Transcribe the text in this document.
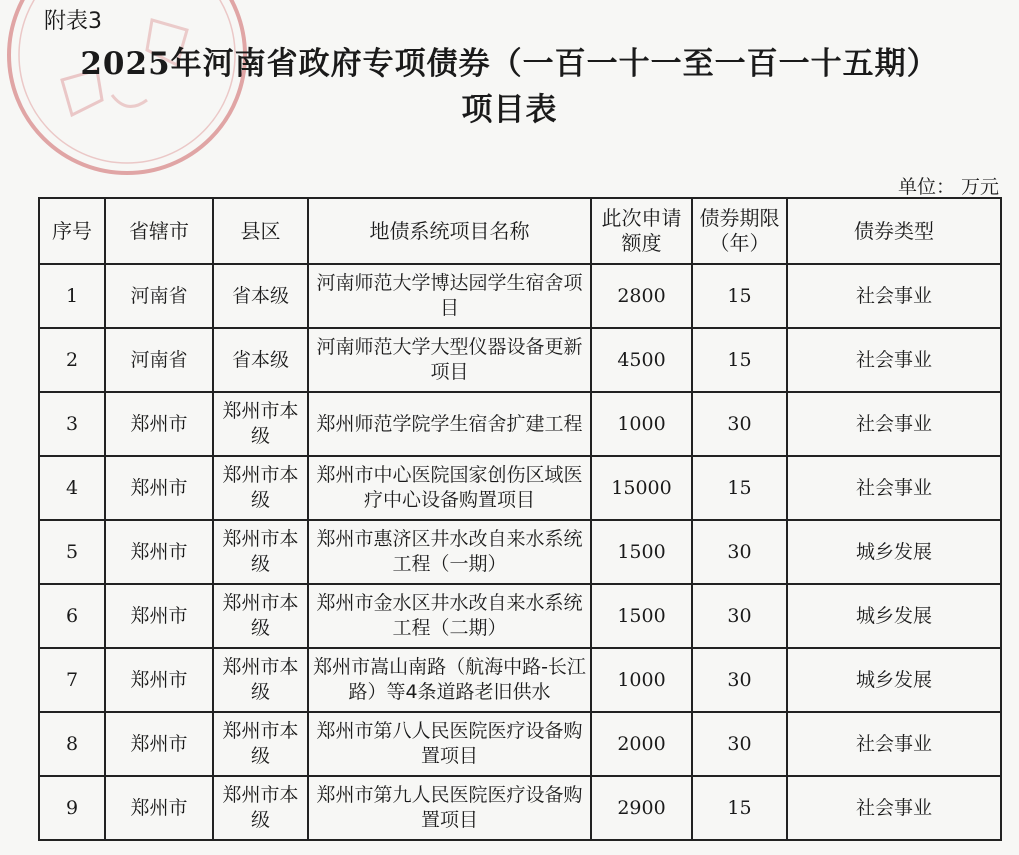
附表3
2025年河南省政府专项债券（一百一十一至一百一十五期）
项目表
单位： 万元
序号	省辖市	县区	地债系统项目名称	此次申请额度	债券期限（年）	债券类型
1	河南省	省本级	河南师范大学博达园学生宿舍项目	2800	15	社会事业
2	河南省	省本级	河南师范大学大型仪器设备更新项目	4500	15	社会事业
3	郑州市	郑州市本级	郑州师范学院学生宿舍扩建工程	1000	30	社会事业
4	郑州市	郑州市本级	郑州市中心医院国家创伤区域医疗中心设备购置项目	15000	15	社会事业
5	郑州市	郑州市本级	郑州市惠济区井水改自来水系统工程（一期）	1500	30	城乡发展
6	郑州市	郑州市本级	郑州市金水区井水改自来水系统工程（二期）	1500	30	城乡发展
7	郑州市	郑州市本级	郑州市嵩山南路（航海中路-长江路）等4条道路老旧供水	1000	30	城乡发展
8	郑州市	郑州市本级	郑州市第八人民医院医疗设备购置项目	2000	30	社会事业
9	郑州市	郑州市本级	郑州市第九人民医院医疗设备购置项目	2900	15	社会事业
